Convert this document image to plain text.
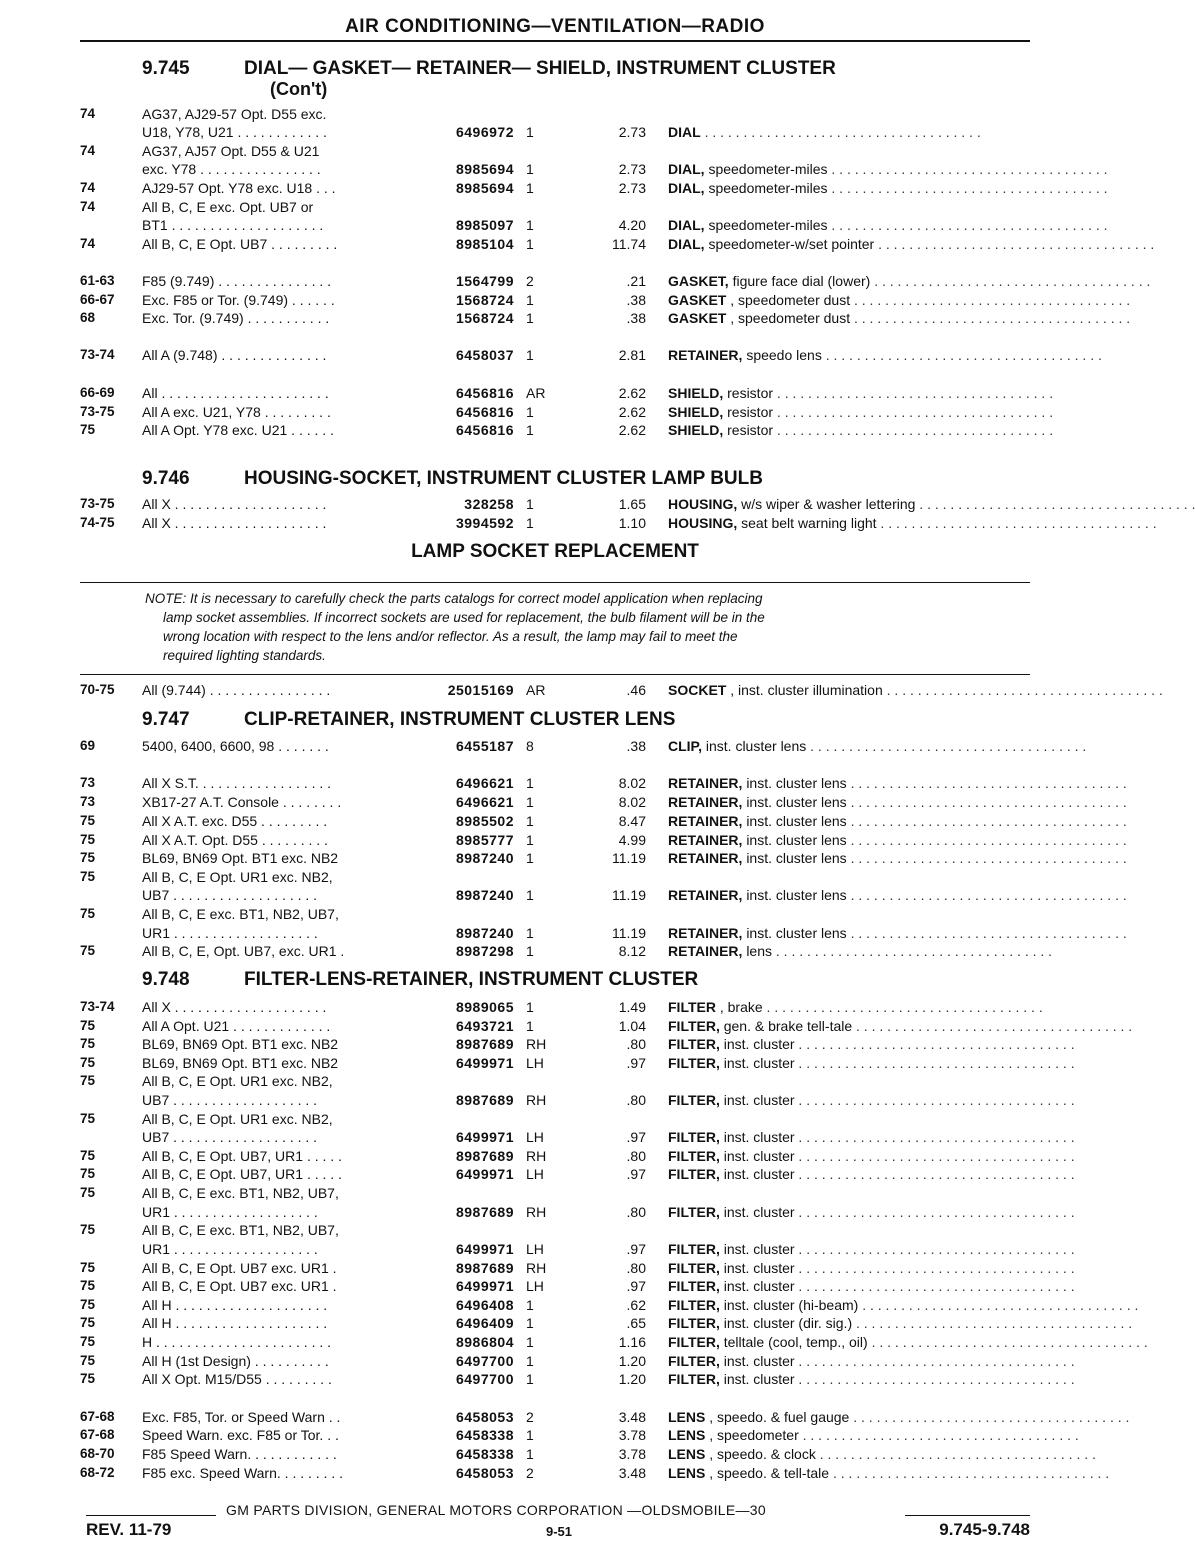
AIR CONDITIONING—VENTILATION—RADIO
9.745	DIAL— GASKET— RETAINER— SHIELD, INSTRUMENT CLUSTER
(Con't)
9.746	HOUSING-SOCKET, INSTRUMENT CLUSTER LAMP BULB
LAMP SOCKET REPLACEMENT
NOTE: It is necessary to carefully check the parts catalogs for correct model application when replacing

lamp socket assemblies. If incorrect sockets are used for replacement, the bulb filament will be in the
wrong location with respect to the lens and/or reflector. As a result, the lamp may fail to meet the
required lighting standards.
9.747	CLIP-RETAINER, INSTRUMENT CLUSTER LENS
9.748	FILTER-LENS-RETAINER, INSTRUMENT CLUSTER
74	AG37, AJ29-57 Opt. D55 exc.
U18, Y78, U21 . . . . . . . . . . . .	6496972 1	2.73 DIAL . . . . . . . . . . . . . . . . . . . . . . . . . . . . . . . . . . . .
74	AG37, AJ57 Opt. D55 & U21
exc. Y78 . . . . . . . . . . . . . . . .	8985694 1	2.73 DIAL, speedometer-miles . . . . . . . . . . . . . . . . . . . . . . . . . . . . . . . . . . . .
74	AJ29-57 Opt. Y78 exc. U18 . . .	8985694 1	2.73 DIAL, speedometer-miles . . . . . . . . . . . . . . . . . . . . . . . . . . . . . . . . . . . .
74	All B, C, E exc. Opt. UB7 or
BT1 . . . . . . . . . . . . . . . . . . . .	8985097 1	4.20 DIAL, speedometer-miles . . . . . . . . . . . . . . . . . . . . . . . . . . . . . . . . . . . .
74	All B, C, E Opt. UB7 . . . . . . . . .	8985104 1	11.74 DIAL, speedometer-w/set pointer . . . . . . . . . . . . . . . . . . . . . . . . . . . . . . . . . . . .
61-63 F85 (9.749) . . . . . . . . . . . . . . .	1564799 2	.21 GASKET, figure face dial (lower) . . . . . . . . . . . . . . . . . . . . . . . . . . . . . . . . . . . .
66-67 Exc. F85 or Tor. (9.749) . . . . . .	1568724 1	.38 GASKET , speedometer dust . . . . . . . . . . . . . . . . . . . . . . . . . . . . . . . . . . . .
68	Exc. Tor. (9.749) . . . . . . . . . . .	1568724 1	.38 GASKET , speedometer dust . . . . . . . . . . . . . . . . . . . . . . . . . . . . . . . . . . . .
73-74 All A (9.748) . . . . . . . . . . . . . .	6458037 1	2.81 RETAINER, speedo lens . . . . . . . . . . . . . . . . . . . . . . . . . . . . . . . . . . . .
66-69 All . . . . . . . . . . . . . . . . . . . . . .	6456816 AR	2.62 SHIELD, resistor . . . . . . . . . . . . . . . . . . . . . . . . . . . . . . . . . . . .
73-75 All A exc. U21, Y78 . . . . . . . . .	6456816 1	2.62 SHIELD, resistor . . . . . . . . . . . . . . . . . . . . . . . . . . . . . . . . . . . .
75	All A Opt. Y78 exc. U21 . . . . . .	6456816 1	2.62 SHIELD, resistor . . . . . . . . . . . . . . . . . . . . . . . . . . . . . . . . . . . .
73-75 All X . . . . . . . . . . . . . . . . . . . .	328258 1	1.65 HOUSING, w/s wiper & washer lettering . . . . . . . . . . . . . . . . . . . . . . . . . . . . . . . . . . . .
74-75 All X . . . . . . . . . . . . . . . . . . . .	3994592 1	1.10 HOUSING, seat belt warning light . . . . . . . . . . . . . . . . . . . . . . . . . . . . . . . . . . . .
70-75 All (9.744) . . . . . . . . . . . . . . . .	25015169 AR	.46 SOCKET , inst. cluster illumination . . . . . . . . . . . . . . . . . . . . . . . . . . . . . . . . . . . .
69	5400, 6400, 6600, 98 . . . . . . .	6455187 8	.38 CLIP, inst. cluster lens . . . . . . . . . . . . . . . . . . . . . . . . . . . . . . . . . . . .
73	All X S.T. . . . . . . . . . . . . . . . . .	6496621 1	8.02 RETAINER, inst. cluster lens . . . . . . . . . . . . . . . . . . . . . . . . . . . . . . . . . . . .
73	XB17-27 A.T. Console . . . . . . . .	6496621 1	8.02 RETAINER, inst. cluster lens . . . . . . . . . . . . . . . . . . . . . . . . . . . . . . . . . . . .
75	All X A.T. exc. D55 . . . . . . . . .	8985502 1	8.47 RETAINER, inst. cluster lens . . . . . . . . . . . . . . . . . . . . . . . . . . . . . . . . . . . .
75	All X A.T. Opt. D55 . . . . . . . . .	8985777 1	4.99 RETAINER, inst. cluster lens . . . . . . . . . . . . . . . . . . . . . . . . . . . . . . . . . . . .
75	BL69, BN69 Opt. BT1 exc. NB2	8987240 1	11.19 RETAINER, inst. cluster lens . . . . . . . . . . . . . . . . . . . . . . . . . . . . . . . . . . . .
75	All B, C, E Opt. UR1 exc. NB2,
UB7 . . . . . . . . . . . . . . . . . . .	8987240 1	11.19 RETAINER, inst. cluster lens . . . . . . . . . . . . . . . . . . . . . . . . . . . . . . . . . . . .
75	All B, C, E exc. BT1, NB2, UB7,
UR1 . . . . . . . . . . . . . . . . . . .	8987240 1	11.19 RETAINER, inst. cluster lens . . . . . . . . . . . . . . . . . . . . . . . . . . . . . . . . . . . .
75	All B, C, E, Opt. UB7, exc. UR1 .	8987298 1	8.12 RETAINER, lens . . . . . . . . . . . . . . . . . . . . . . . . . . . . . . . . . . . .
73-74 All X . . . . . . . . . . . . . . . . . . . .	8989065 1	1.49 FILTER , brake . . . . . . . . . . . . . . . . . . . . . . . . . . . . . . . . . . . .
75	All A Opt. U21 . . . . . . . . . . . . .	6493721 1	1.04 FILTER, gen. & brake tell-tale . . . . . . . . . . . . . . . . . . . . . . . . . . . . . . . . . . . .
75	BL69, BN69 Opt. BT1 exc. NB2	8987689 RH	.80 FILTER, inst. cluster . . . . . . . . . . . . . . . . . . . . . . . . . . . . . . . . . . . .
75	BL69, BN69 Opt. BT1 exc. NB2	6499971 LH	.97 FILTER, inst. cluster . . . . . . . . . . . . . . . . . . . . . . . . . . . . . . . . . . . .
75	All B, C, E Opt. UR1 exc. NB2,
UB7 . . . . . . . . . . . . . . . . . . .	8987689 RH	.80 FILTER, inst. cluster . . . . . . . . . . . . . . . . . . . . . . . . . . . . . . . . . . . .
75	All B, C, E Opt. UR1 exc. NB2,
UB7 . . . . . . . . . . . . . . . . . . .	6499971 LH	.97 FILTER, inst. cluster . . . . . . . . . . . . . . . . . . . . . . . . . . . . . . . . . . . .
75	All B, C, E Opt. UB7, UR1 . . . . .	8987689 RH	.80 FILTER, inst. cluster . . . . . . . . . . . . . . . . . . . . . . . . . . . . . . . . . . . .
75	All B, C, E Opt. UB7, UR1 . . . . .	6499971 LH	.97 FILTER, inst. cluster . . . . . . . . . . . . . . . . . . . . . . . . . . . . . . . . . . . .
75	All B, C, E exc. BT1, NB2, UB7,
UR1 . . . . . . . . . . . . . . . . . . .	8987689 RH	.80 FILTER, inst. cluster . . . . . . . . . . . . . . . . . . . . . . . . . . . . . . . . . . . .
75	All B, C, E exc. BT1, NB2, UB7,
UR1 . . . . . . . . . . . . . . . . . . .	6499971 LH	.97 FILTER, inst. cluster . . . . . . . . . . . . . . . . . . . . . . . . . . . . . . . . . . . .
75	All B, C, E Opt. UB7 exc. UR1 .	8987689 RH	.80 FILTER, inst. cluster . . . . . . . . . . . . . . . . . . . . . . . . . . . . . . . . . . . .
75	All B, C, E Opt. UB7 exc. UR1 .	6499971 LH	.97 FILTER, inst. cluster . . . . . . . . . . . . . . . . . . . . . . . . . . . . . . . . . . . .
75	All H . . . . . . . . . . . . . . . . . . . .	6496408 1	.62 FILTER, inst. cluster (hi-beam) . . . . . . . . . . . . . . . . . . . . . . . . . . . . . . . . . . . .
75	All H . . . . . . . . . . . . . . . . . . . .	6496409 1	.65 FILTER, inst. cluster (dir. sig.) . . . . . . . . . . . . . . . . . . . . . . . . . . . . . . . . . . . .
75	H . . . . . . . . . . . . . . . . . . . . . . .	8986804 1	1.16 FILTER, telltale (cool, temp., oil) . . . . . . . . . . . . . . . . . . . . . . . . . . . . . . . . . . . .
75	All H (1st Design) . . . . . . . . . .	6497700 1	1.20 FILTER, inst. cluster . . . . . . . . . . . . . . . . . . . . . . . . . . . . . . . . . . . .
75	All X Opt. M15/D55 . . . . . . . . .	6497700 1	1.20 FILTER, inst. cluster . . . . . . . . . . . . . . . . . . . . . . . . . . . . . . . . . . . .
67-68 Exc. F85, Tor. or Speed Warn . .	6458053 2	3.48 LENS , speedo. & fuel gauge . . . . . . . . . . . . . . . . . . . . . . . . . . . . . . . . . . . .
67-68 Speed Warn. exc. F85 or Tor. . .	6458338 1	3.78 LENS , speedometer . . . . . . . . . . . . . . . . . . . . . . . . . . . . . . . . . . . .
68-70 F85 Speed Warn. . . . . . . . . . . .	6458338 1	3.78 LENS , speedo. & clock . . . . . . . . . . . . . . . . . . . . . . . . . . . . . . . . . . . .
68-72 F85 exc. Speed Warn. . . . . . . . .	6458053 2	3.48 LENS , speedo. & tell-tale . . . . . . . . . . . . . . . . . . . . . . . . . . . . . . . . . . . .
GM PARTS DIVISION, GENERAL MOTORS CORPORATION —OLDSMOBILE—30
REV. 11-79	9-51	9.745-9.748
